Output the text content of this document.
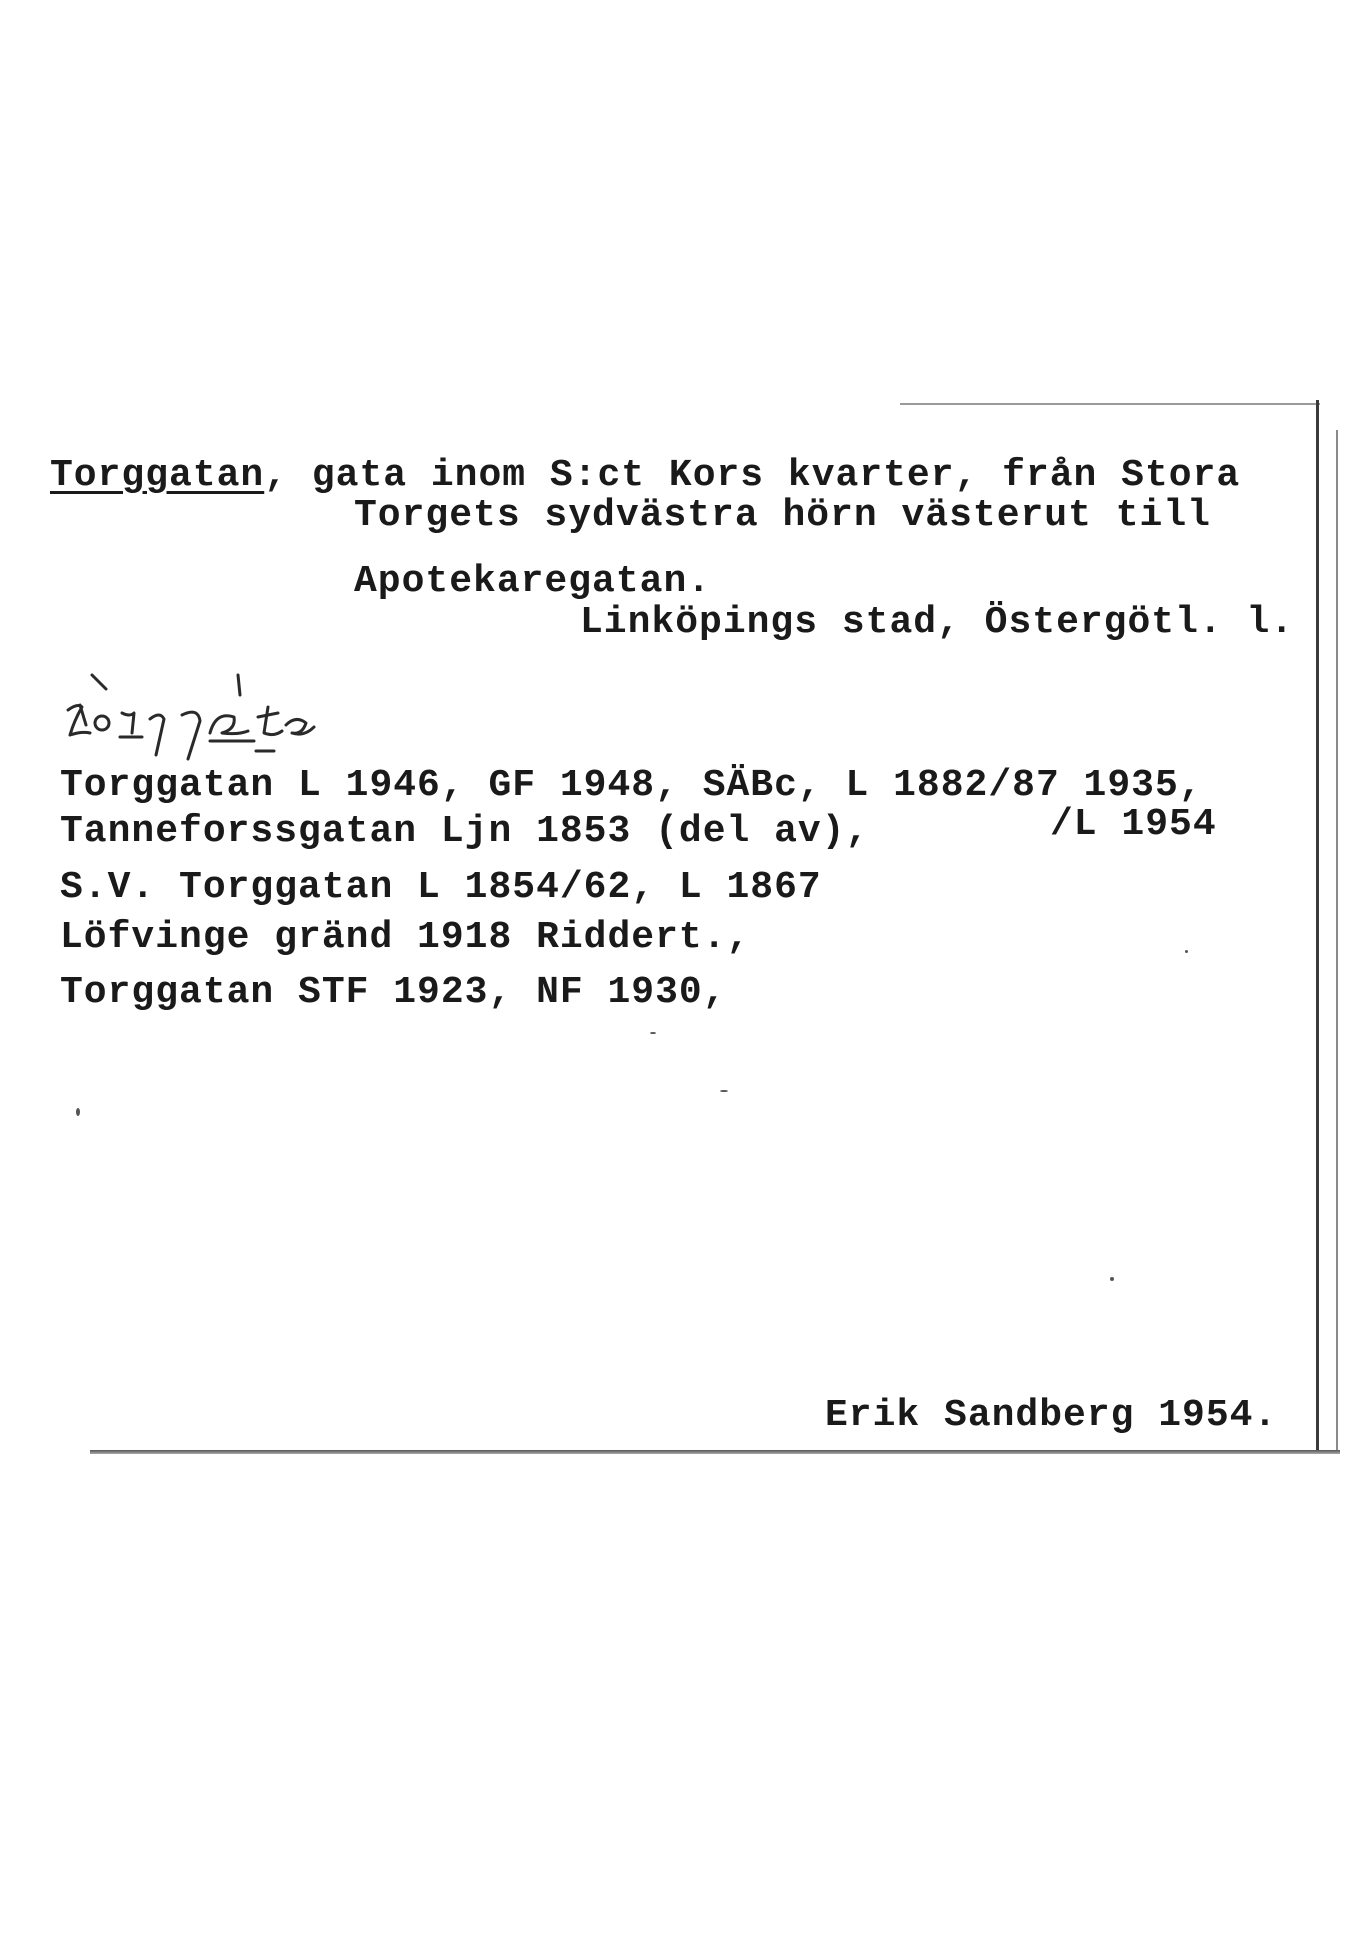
Torggatan, gata inom S:ct Kors kvarter, från Stora
Torgets sydvästra hörn västerut till
Apotekaregatan.
Linköpings stad, Östergötl. l.
Torggatan L 1946, GF 1948, SÄBc, L 1882/87 1935,
Tanneforssgatan Ljn 1853 (del av),	/L 1954
S.V. Torggatan L 1854/62, L 1867
Löfvinge gränd 1918 Riddert.,
Torggatan STF 1923, NF 1930,
Erik Sandberg 1954.
